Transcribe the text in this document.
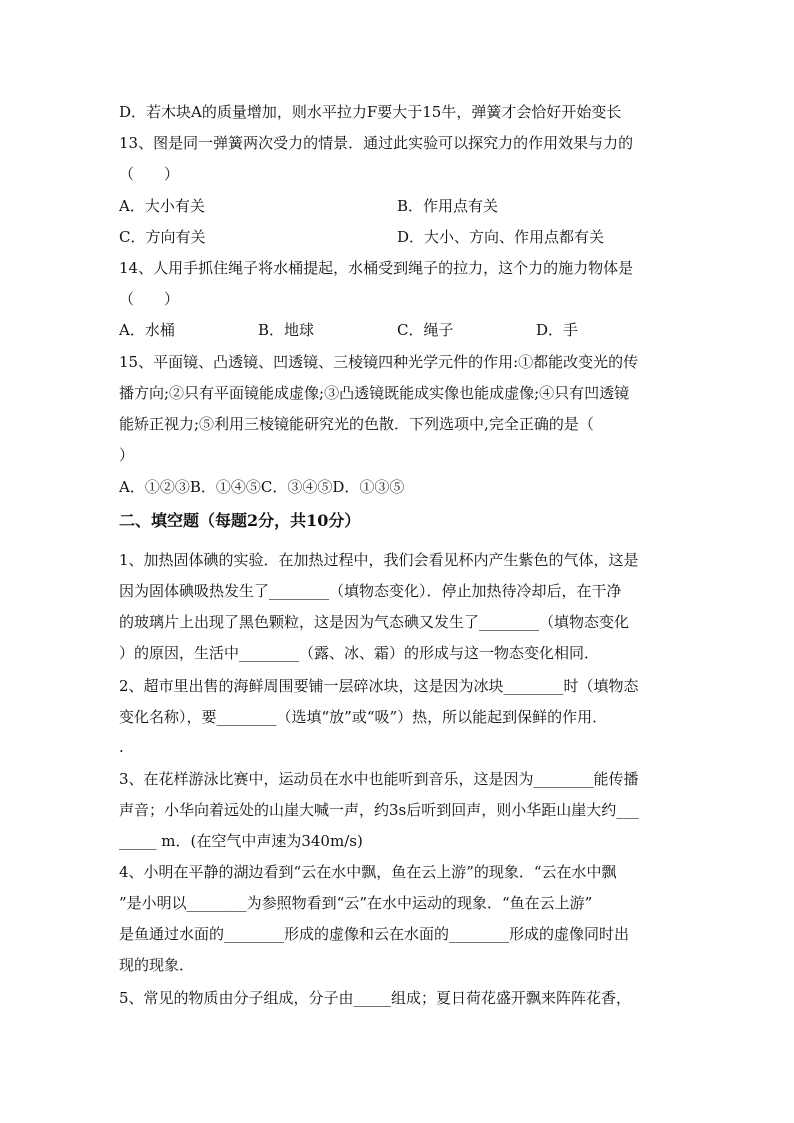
D．若木块A的质量增加，则水平拉力F要大于15牛，弹簧才会恰好开始变长
13、图是同一弹簧两次受力的情景．通过此实验可以探究力的作用效果与力的
（　　）
A．大小有关	B．作用点有关
C．方向有关	D．大小、方向、作用点都有关
14、人用手抓住绳子将水桶提起，水桶受到绳子的拉力，这个力的施力物体是
（　　）
A．水桶	B．地球	C．绳子	D．手
15、平面镜、凸透镜、凹透镜、三棱镜四种光学元件的作用:①都能改变光的传
播方向;②只有平面镜能成虚像;③凸透镜既能成实像也能成虚像;④只有凹透镜
能矫正视力;⑤利用三棱镜能研究光的色散．下列选项中,完全正确的是（
）
A．①②③B．①④⑤C．③④⑤D．①③⑤
二、填空题（每题2分，共10分）
1、加热固体碘的实验．在加热过程中，我们会看见杯内产生紫色的气体，这是
因为固体碘吸热发生了________（填物态变化）．停止加热待冷却后，在干净
的玻璃片上出现了黑色颗粒，这是因为气态碘又发生了________（填物态变化
）的原因，生活中________（露、冰、霜）的形成与这一物态变化相同．
2、超市里出售的海鲜周围要铺一层碎冰块，这是因为冰块________时（填物态
变化名称），要________（选填“放”或“吸”）热，所以能起到保鲜的作用．
.
3、在花样游泳比赛中，运动员在水中也能听到音乐，这是因为________能传播
声音；小华向着远处的山崖大喊一声，约3s后听到回声，则小华距山崖大约___
_____ m．(在空气中声速为340m/s)
4、小明在平静的湖边看到“云在水中飘，鱼在云上游”的现象．“云在水中飘
”是小明以________为参照物看到“云”在水中运动的现象．“鱼在云上游”
是鱼通过水面的________形成的虚像和云在水面的________形成的虚像同时出
现的现象．
5、常见的物质由分子组成，分子由_____组成；夏日荷花盛开飘来阵阵花香，
